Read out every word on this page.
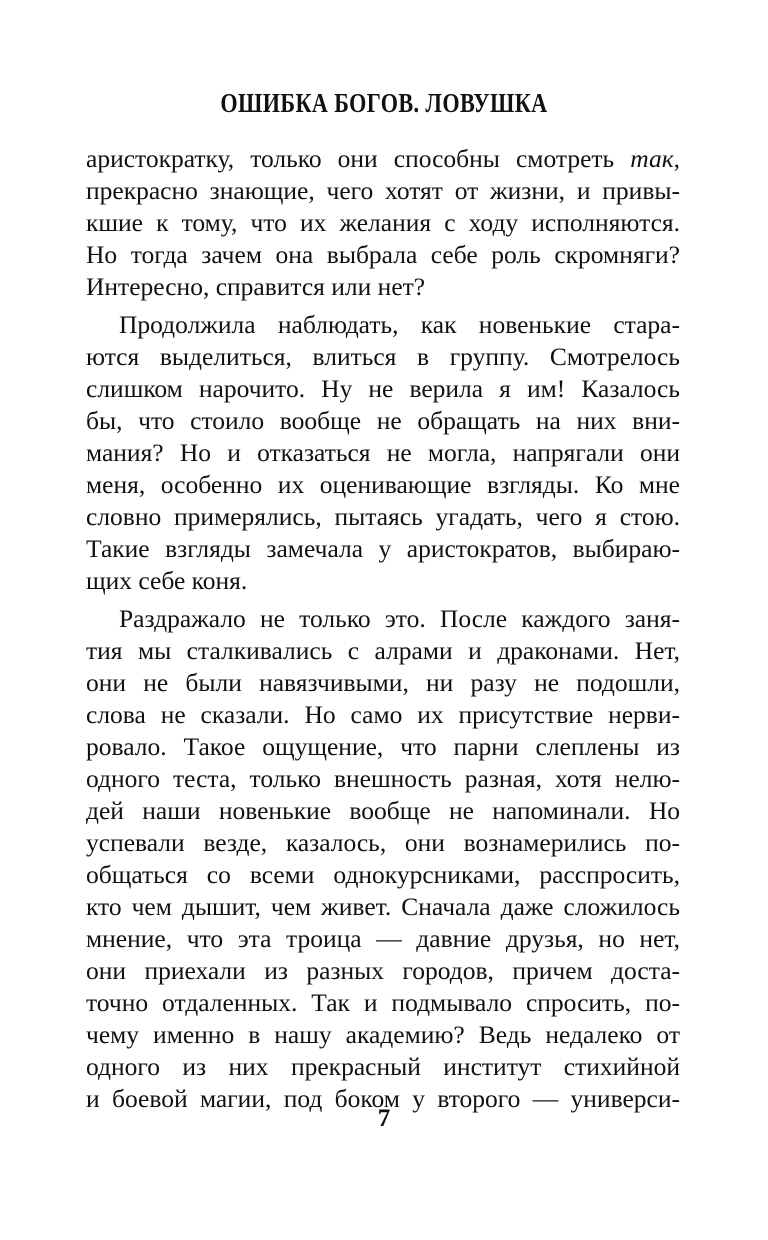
ОШИБКА БОГОВ. ЛОВУШКА
аристократку, только они способны смотреть так,
прекрасно знающие, чего хотят от жизни, и привы-
кшие к тому, что их желания с ходу исполняются.
Но тогда зачем она выбрала себе роль скромняги?
Интересно, справится или нет?
Продолжила наблюдать, как новенькие стара-
ются выделиться, влиться в группу. Смотрелось
слишком нарочито. Ну не верила я им! Казалось
бы, что стоило вообще не обращать на них вни-
мания? Но и отказаться не могла, напрягали они
меня, особенно их оценивающие взгляды. Ко мне
словно примерялись, пытаясь угадать, чего я стою.
Такие взгляды замечала у аристократов, выбираю-
щих себе коня.
Раздражало не только это. После каждого заня-
тия мы сталкивались с алрами и драконами. Нет,
они не были навязчивыми, ни разу не подошли,
слова не сказали. Но само их присутствие нерви-
ровало. Такое ощущение, что парни слеплены из
одного теста, только внешность разная, хотя нелю-
дей наши новенькие вообще не напоминали. Но
успевали везде, казалось, они вознамерились по-
общаться со всеми однокурсниками, расспросить,
кто чем дышит, чем живет. Сначала даже сложилось
мнение, что эта троица — давние друзья, но нет,
они приехали из разных городов, причем доста-
точно отдаленных. Так и подмывало спросить, по-
чему именно в нашу академию? Ведь недалеко от
одного из них прекрасный институт стихийной
и боевой магии, под боком у второго — универси-
7
